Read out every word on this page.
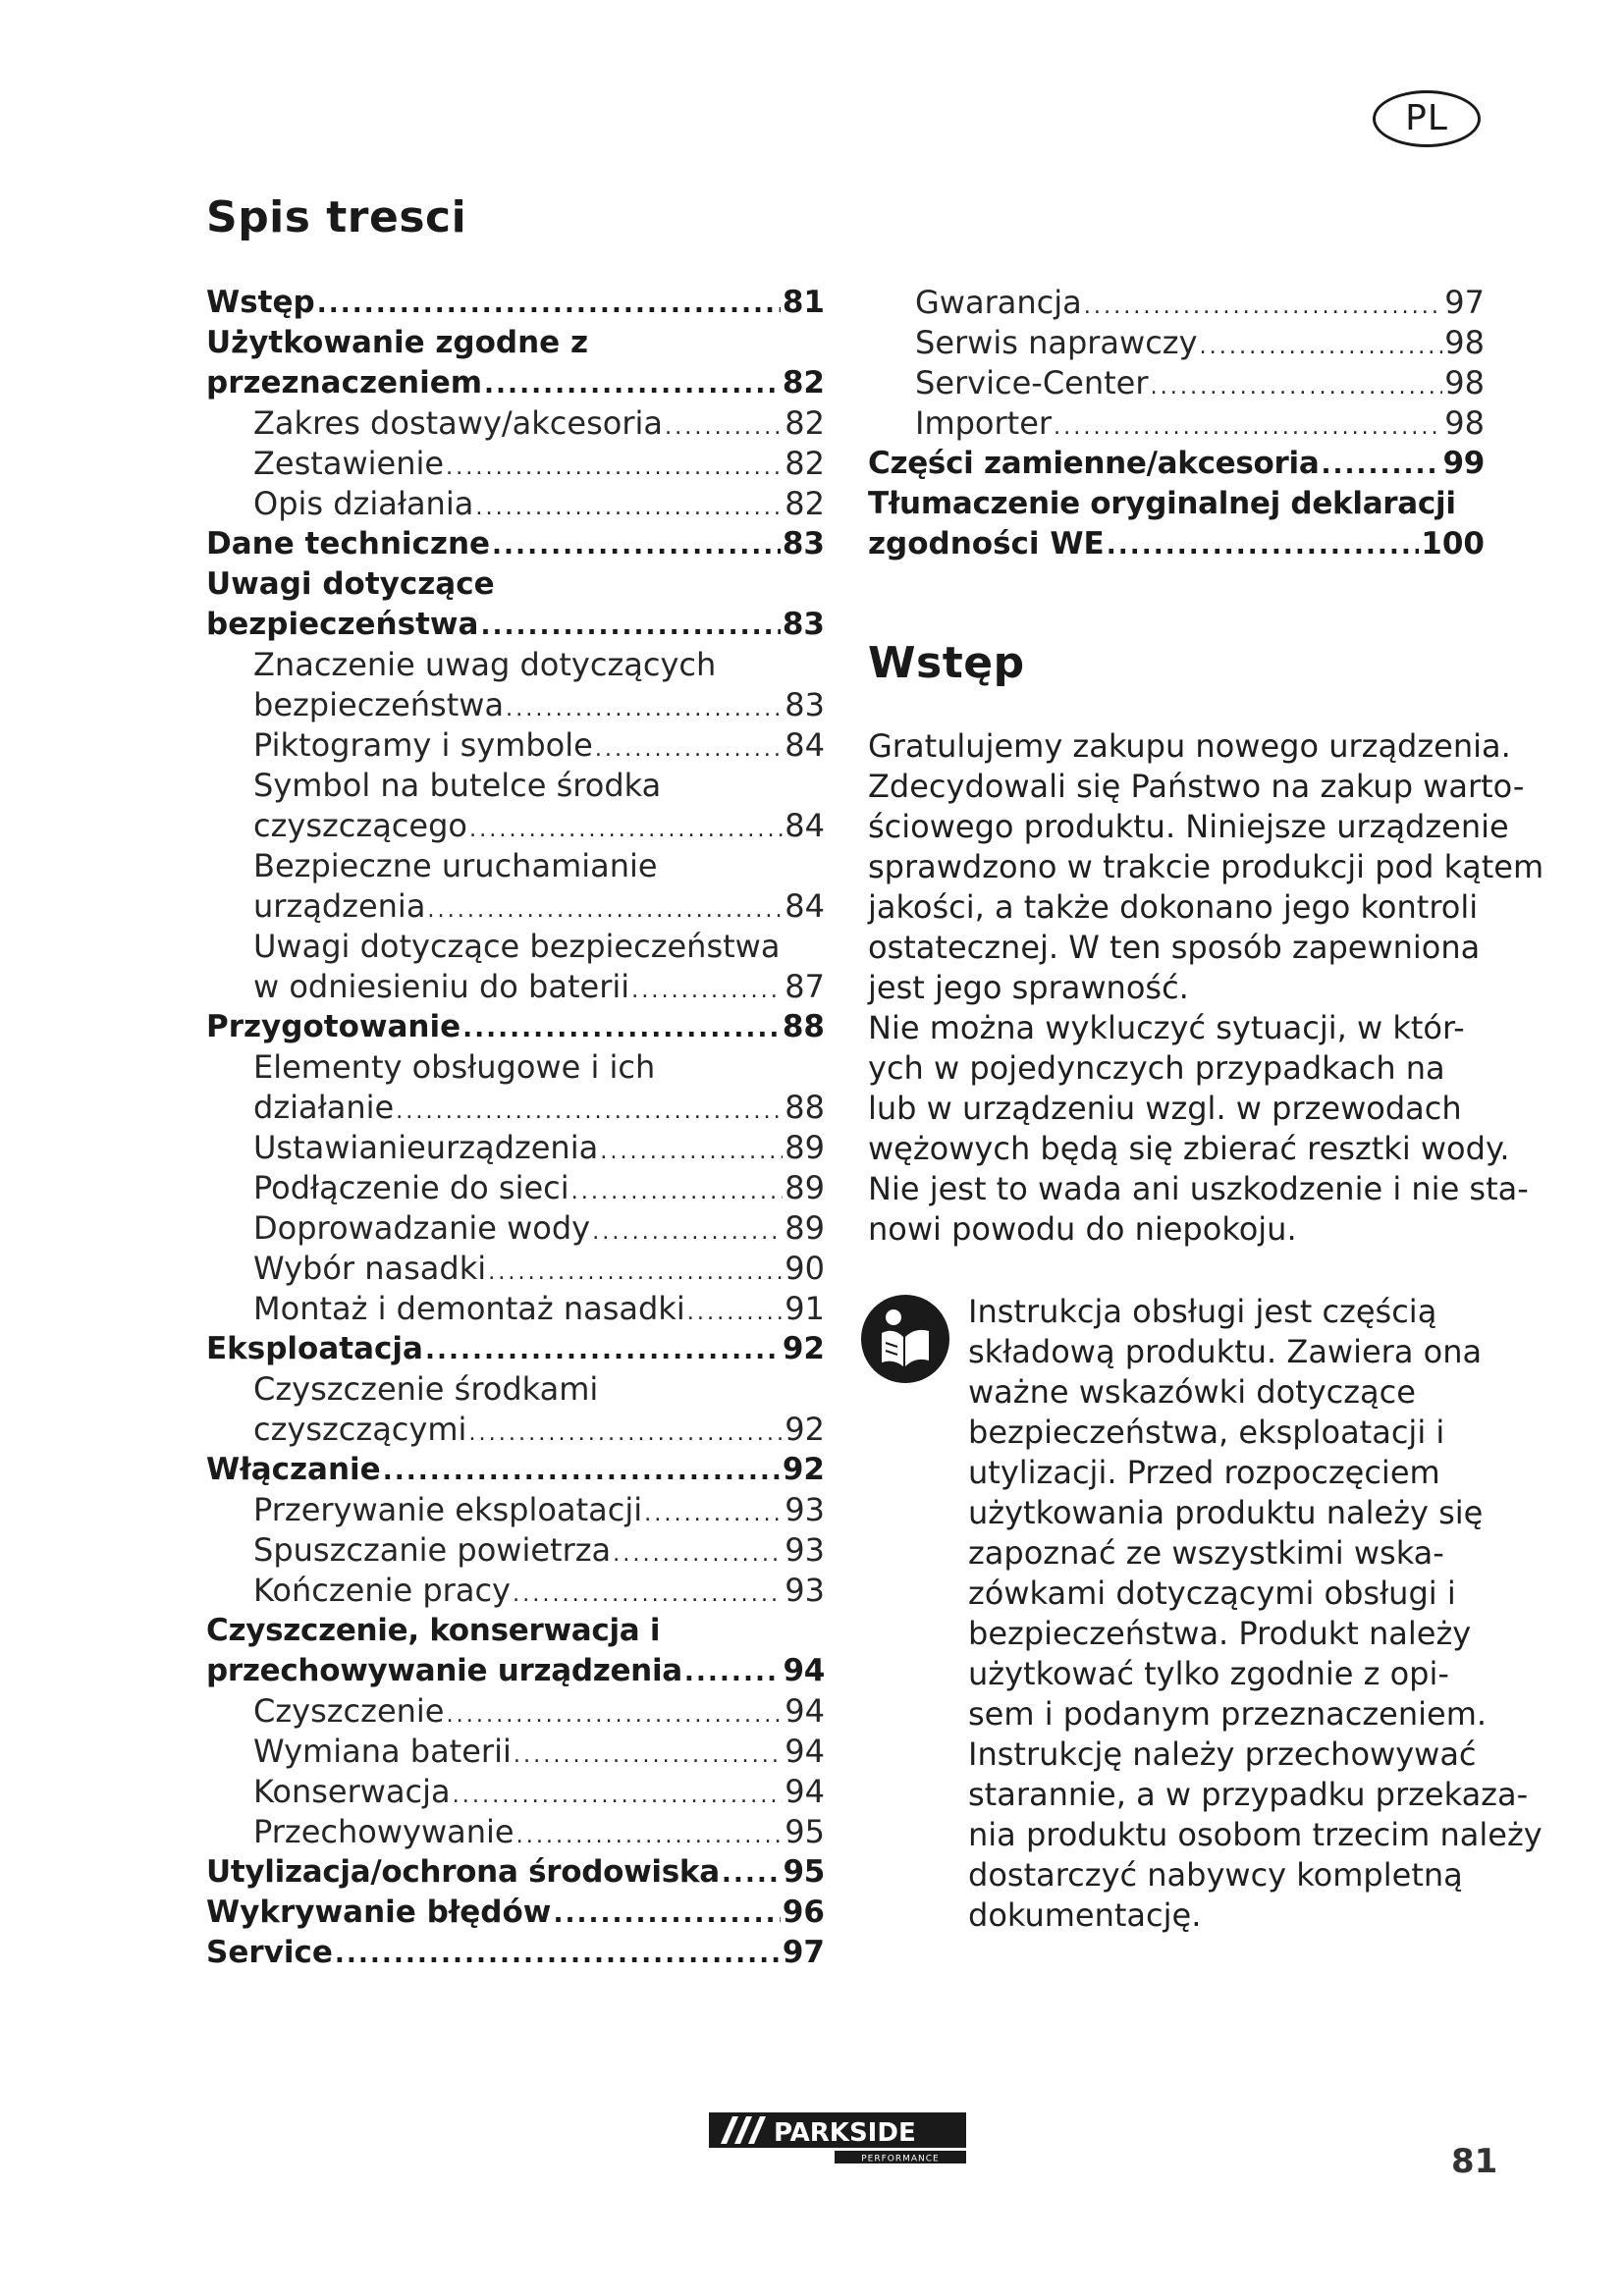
PL
Spis tresci
Wstęp .....	81
Użytkowanie zgodne z
przeznaczeniem .....	82
Zakres dostawy/akcesoria .....	82
Zestawienie .....	82
Opis działania .....	82
Dane techniczne .....	83
Uwagi dotyczące
bezpieczeństwa .....	83
Znaczenie uwag dotyczących
bezpieczeństwa .....	83
Piktogramy i symbole .....	84
Symbol na butelce środka
czyszczącego .....	84
Bezpieczne uruchamianie
urządzenia .....	84
Uwagi dotyczące bezpieczeństwa
w odniesieniu do baterii .....	87
Przygotowanie .....	88
Elementy obsługowe i ich
działanie .....	88
Ustawianieurządzenia .....	89
Podłączenie do sieci .....	89
Doprowadzanie wody .....	89
Wybór nasadki .....	90
Montaż i demontaż nasadki .....	91
Eksploatacja .....	92
Czyszczenie środkami
czyszczącymi .....	92
Włączanie .....	92
Przerywanie eksploatacji .....	93
Spuszczanie powietrza .....	93
Kończenie pracy .....	93
Czyszczenie, konserwacja i
przechowywanie urządzenia .....	94
Czyszczenie .....	94
Wymiana baterii .....	94
Konserwacja .....	94
Przechowywanie .....	95
Utylizacja/ochrona środowiska ..... 95
Wykrywanie błędów .....	96
Service .....	97
Gwarancja .....	97
Serwis naprawczy .....	98
Service-Center .....	98
Importer .....	98
Części zamienne/akcesoria .....	99
Tłumaczenie oryginalnej deklaracji
zgodności WE .....	100
Wstęp

Gratulujemy zakupu nowego urządzenia.
Zdecydowali się Państwo na zakup warto-
ściowego produktu. Niniejsze urządzenie
sprawdzono w trakcie produkcji pod kątem
jakości, a także dokonano jego kontroli
ostatecznej. W ten sposób zapewniona
jest jego sprawność.
Nie można wykluczyć sytuacji, w któr-
ych w pojedynczych przypadkach na
lub w urządzeniu wzgl. w przewodach
wężowych będą się zbierać resztki wody.
Nie jest to wada ani uszkodzenie i nie sta-
nowi powodu do niepokoju.

Instrukcja obsługi jest częścią
składową produktu. Zawiera ona
ważne wskazówki dotyczące
bezpieczeństwa, eksploatacji i
utylizacji. Przed rozpoczęciem
użytkowania produktu należy się
zapoznać ze wszystkimi wska-
zówkami dotyczącymi obsługi i
bezpieczeństwa. Produkt należy
użytkować tylko zgodnie z opi-
sem i podanym przeznaczeniem.
Instrukcję należy przechowywać
starannie, a w przypadku przekaza-
nia produktu osobom trzecim należy
dostarczyć nabywcy kompletną
dokumentację.

PARKSIDE
PERFORMANCE	81
